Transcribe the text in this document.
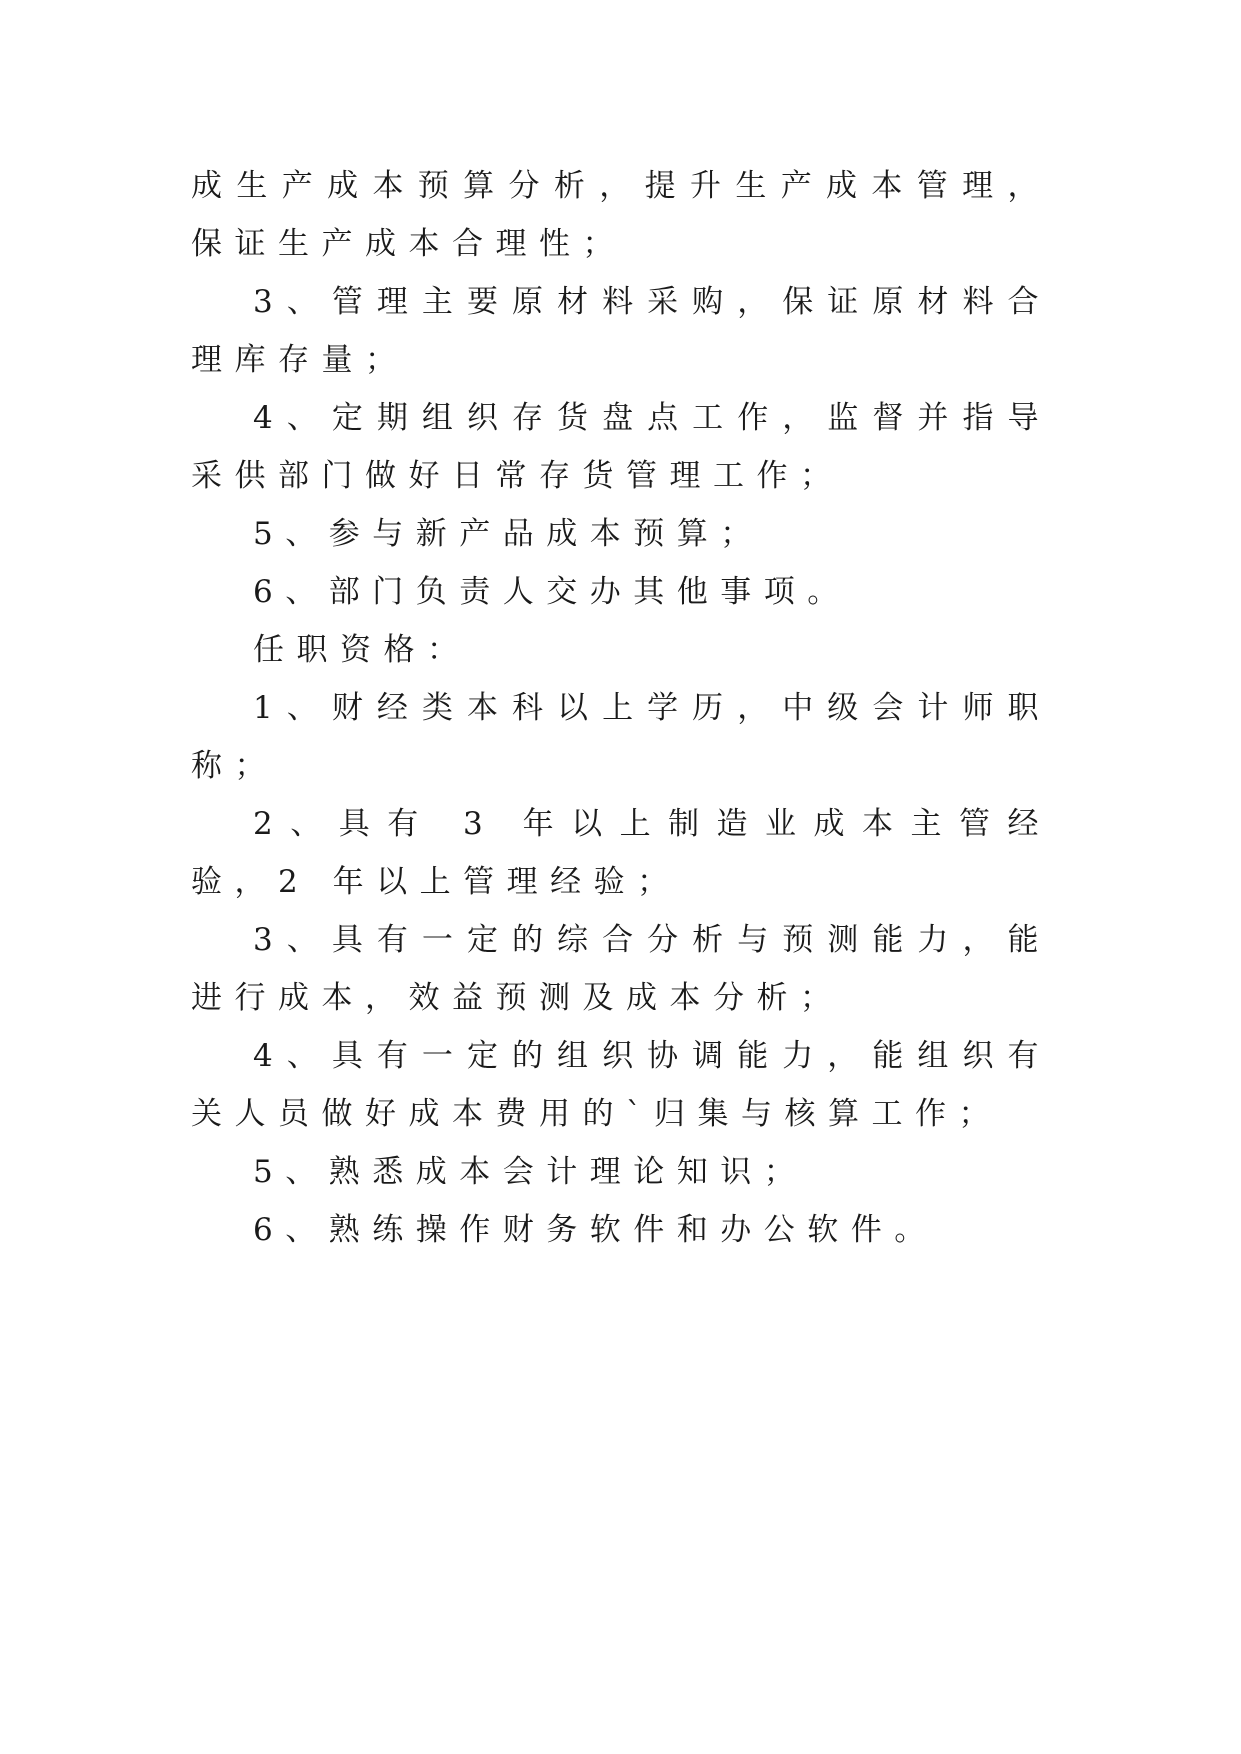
成生产成本预算分析，提升生产成本管理，保证生产成本合理性；

3、管理主要原材料采购，保证原材料合理库存量；

4、定期组织存货盘点工作，监督并指导采供部门做好日常存货管理工作；

5、参与新产品成本预算；

6、部门负责人交办其他事项。

任职资格：

1、财经类本科以上学历，中级会计师职称；

2、具有 3 年以上制造业成本主管经验，2 年以上管理经验；

3、具有一定的综合分析与预测能力，能进行成本，效益预测及成本分析；

4、具有一定的组织协调能力，能组织有关人员做好成本费用的`归集与核算工作；

5、熟悉成本会计理论知识；

6、熟练操作财务软件和办公软件。
